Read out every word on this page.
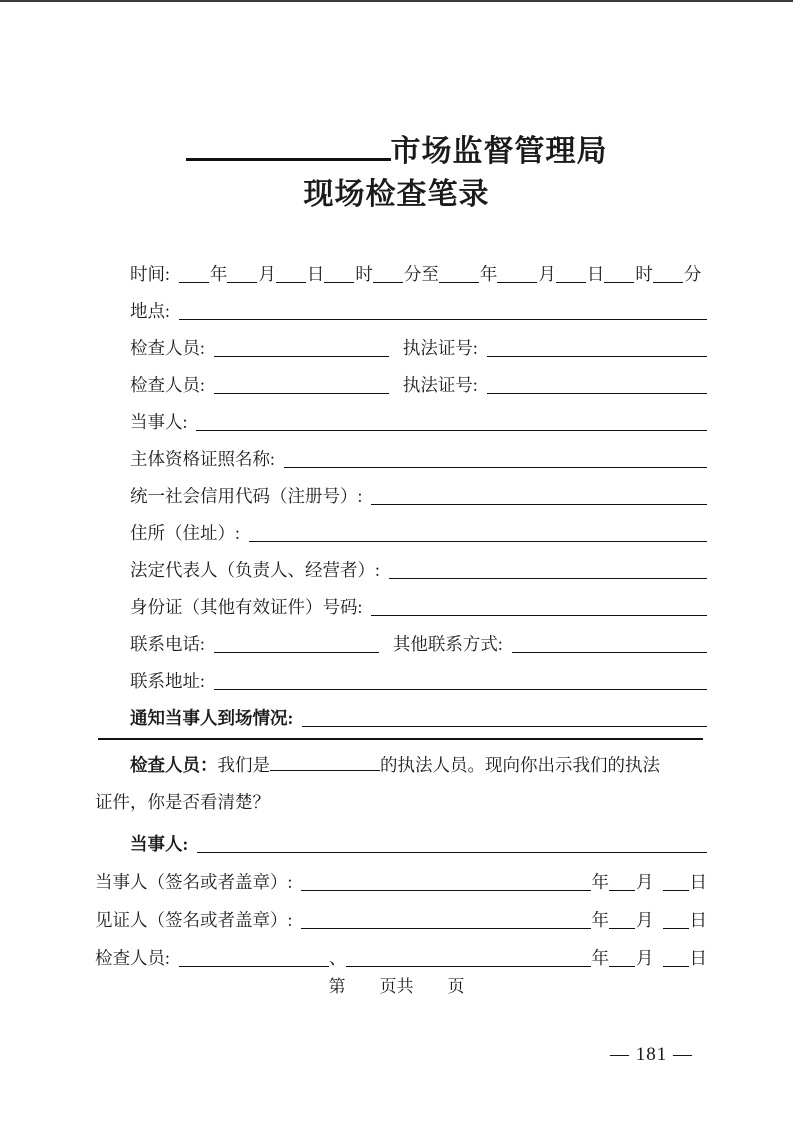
市场监督管理局
现场检查笔录
时间:	年 月 日 时 分至 年 月 日 时 分
地点:
检查人员:	执法证号:
检查人员:	执法证号:
当事人:
主体资格证照名称:
统一社会信用代码（注册号）:
住所（住址）:
法定代表人（负责人、经营者）:
身份证（其他有效证件）号码:
联系电话:	其他联系方式:
联系地址:
通知当事人到场情况:
检查人员：我们是	的执法人员。现向你出示我们的执法
证件，你是否看清楚？
当事人:
当事人（签名或者盖章）:	年 月 日
见证人（签名或者盖章）:	年 月 日
检查人员:	、	年 月 日
第　　页共　　页
— 181 —
